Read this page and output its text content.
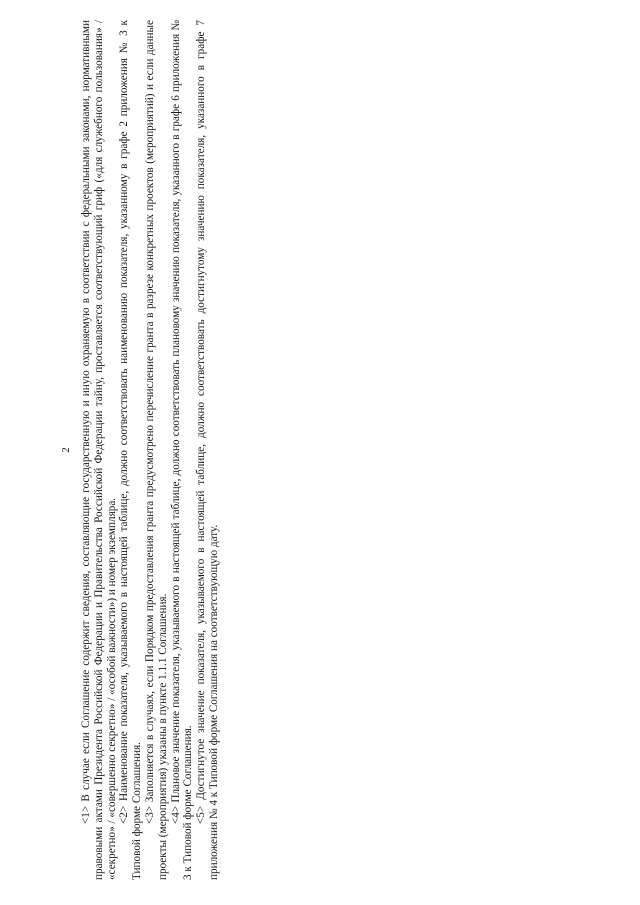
2 <1> В случае если Соглашение содержит сведения, составляющие государственную и иную охраняемую в соответствии с федеральными законами, нормативными правовыми актами Президента Российской Федерации и Правительства Российской Федерации тайну, проставляется соответствующий гриф («для служебного пользования» / «секретно» / «совершенно секретно» / «особой важности») и номер экземпляра. <2> Наименование показателя, указываемого в настоящей таблице, должно соответствовать наименованию показателя, указанному в графе 2 приложения № 3 к Типовой форме Соглашения. <3> Заполняется в случаях, если Порядком предоставления гранта предусмотрено перечисление гранта в разрезе конкретных проектов (мероприятий) и если данные проекты (мероприятия) указаны в пункте 1.1.1 Соглашения. <4> Плановое значение показателя, указываемого в настоящей таблице, должно соответствовать плановому значению показателя, указанного в графе 6 приложения № 3 к Типовой форме Соглашения. <5> Достигнутое значение показателя, указываемого в настоящей таблице, должно соответствовать достигнутому значению показателя, указанного в графе 7 приложения № 4 к Типовой форме Соглашения на соответствующую дату.
